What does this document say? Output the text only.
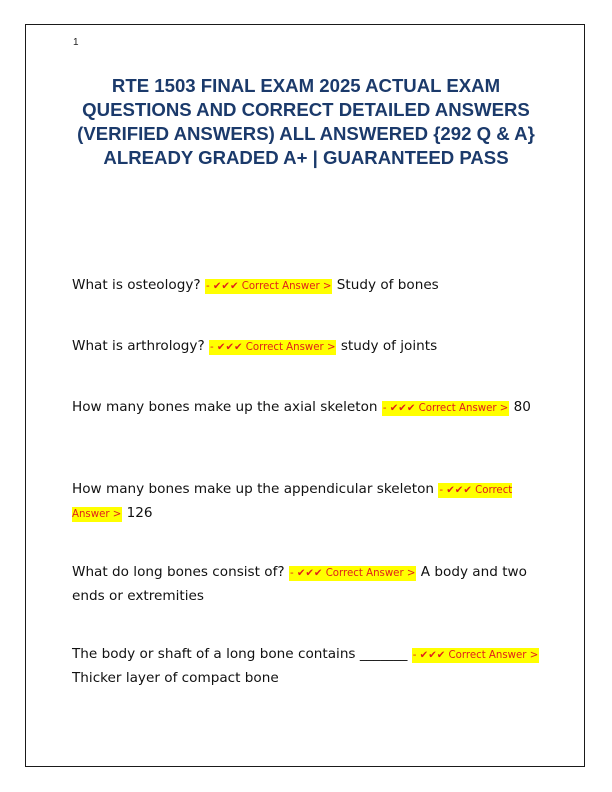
1
RTE 1503 FINAL EXAM 2025 ACTUAL EXAM QUESTIONS AND CORRECT DETAILED ANSWERS (VERIFIED ANSWERS) ALL ANSWERED {292 Q & A} ALREADY GRADED A+ | GUARANTEED PASS

What is osteology? - ✔✔✔ Correct Answer > Study of bones

What is arthrology? - ✔✔✔ Correct Answer > study of joints

How many bones make up the axial skeleton - ✔✔✔ Correct Answer > 80

How many bones make up the appendicular skeleton - ✔✔✔ Correct Answer > 126

What do long bones consist of? - ✔✔✔ Correct Answer > A body and two ends or extremities

The body or shaft of a long bone contains _______ - ✔✔✔ Correct Answer > Thicker layer of compact bone
